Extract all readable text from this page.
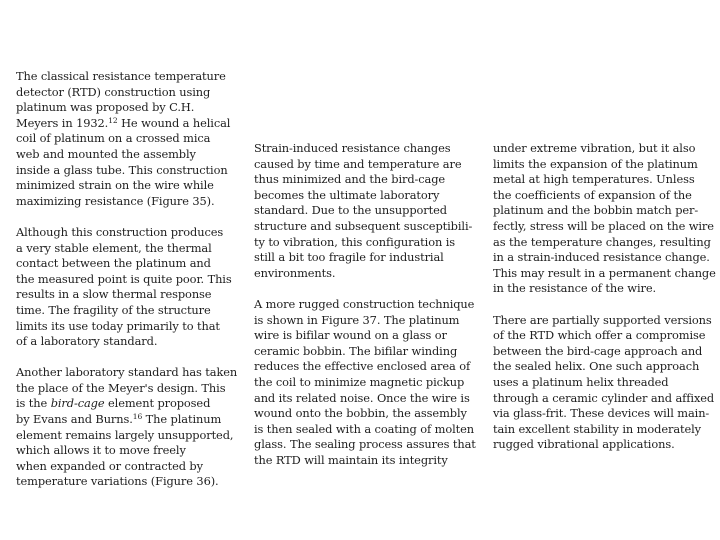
The classical resistance temperature
detector (RTD) construction using
platinum was proposed by C.H.
Meyers in 1932.12 He wound a helical
coil of platinum on a crossed mica
web and mounted the assembly
inside a glass tube. This construction
minimized strain on the wire while
maximizing resistance (Figure 35).
Although this construction produces
a very stable element, the thermal
contact between the platinum and
the measured point is quite poor. This
results in a slow thermal response
time. The fragility of the structure
limits its use today primarily to that
of a laboratory standard.
Another laboratory standard has taken
the place of the Meyer's design. This
is the bird-cage element proposed
by Evans and Burns.$^{16}$ The platinum
element remains largely unsupported,
which allows it to move freely
when expanded or contracted by
temperature variations (Figure 36).
Strain-induced resistance changes
caused by time and temperature are
thus minimized and the bird-cage
becomes the ultimate laboratory
standard. Due to the unsupported
structure and subsequent susceptibili-
ty to vibration, this configuration is
still a bit too fragile for industrial
environments.
A more rugged construction technique
is shown in Figure 37. The platinum
wire is bifilar wound on a glass or
ceramic bobbin. The bifilar winding
reduces the effective enclosed area of
the coil to minimize magnetic pickup
and its related noise. Once the wire is
wound onto the bobbin, the assembly
is then sealed with a coating of molten
glass. The sealing process assures that
the RTD will maintain its integrity
under extreme vibration, but it also
limits the expansion of the platinum
metal at high temperatures. Unless
the coefficients of expansion of the
platinum and the bobbin match per-
fectly, stress will be placed on the wire
as the temperature changes, resulting
in a strain-induced resistance change.
This may result in a permanent change
in the resistance of the wire.
There are partially supported versions
of the RTD which offer a compromise
between the bird-cage approach and
the sealed helix. One such approach
uses a platinum helix threaded
through a ceramic cylinder and affixed
via glass-frit. These devices will main-
tain excellent stability in moderately
rugged vibrational applications.
